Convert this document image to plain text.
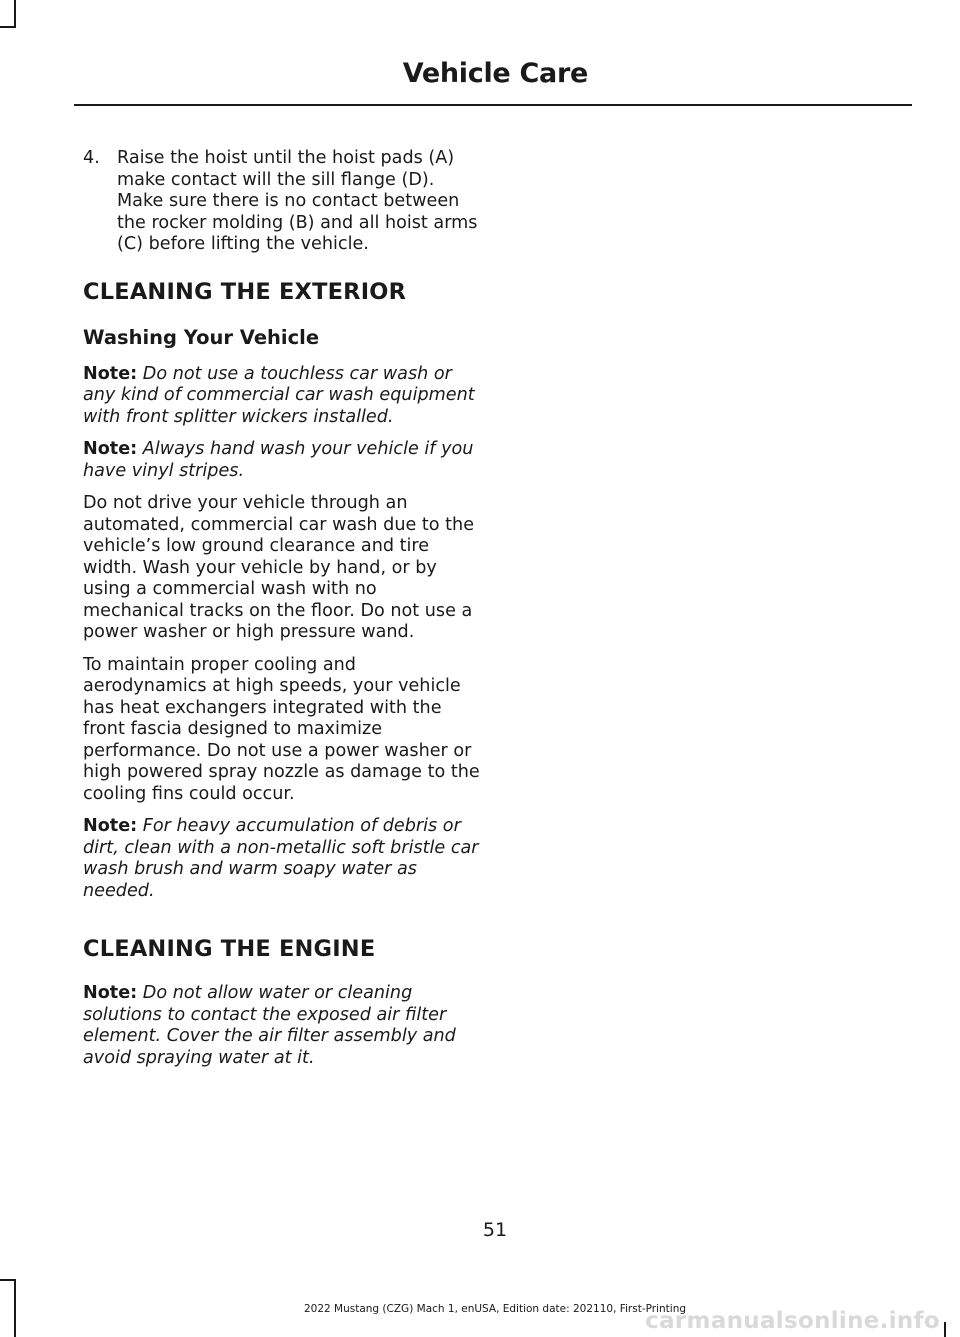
Vehicle Care
4. Raise the hoist until the hoist pads (A) make contact will the sill flange (D). Make sure there is no contact between the rocker molding (B) and all hoist arms (C) before lifting the vehicle.
CLEANING THE EXTERIOR
Washing Your Vehicle

Note: Do not use a touchless car wash or any kind of commercial car wash equipment with front splitter wickers installed.

Note: Always hand wash your vehicle if you have vinyl stripes.

Do not drive your vehicle through an automated, commercial car wash due to the vehicle’s low ground clearance and tire width. Wash your vehicle by hand, or by using a commercial wash with no mechanical tracks on the floor. Do not use a power washer or high pressure wand.

To maintain proper cooling and aerodynamics at high speeds, your vehicle has heat exchangers integrated with the front fascia designed to maximize performance. Do not use a power washer or high powered spray nozzle as damage to the cooling fins could occur.

Note: For heavy accumulation of debris or dirt, clean with a non-metallic soft bristle car wash brush and warm soapy water as needed.

CLEANING THE ENGINE

Note: Do not allow water or cleaning solutions to contact the exposed air filter element. Cover the air filter assembly and avoid spraying water at it.

51
2022 Mustang (CZG) Mach 1, enUSA, Edition date: 202110, First-Printing
carmanualsonline.info
